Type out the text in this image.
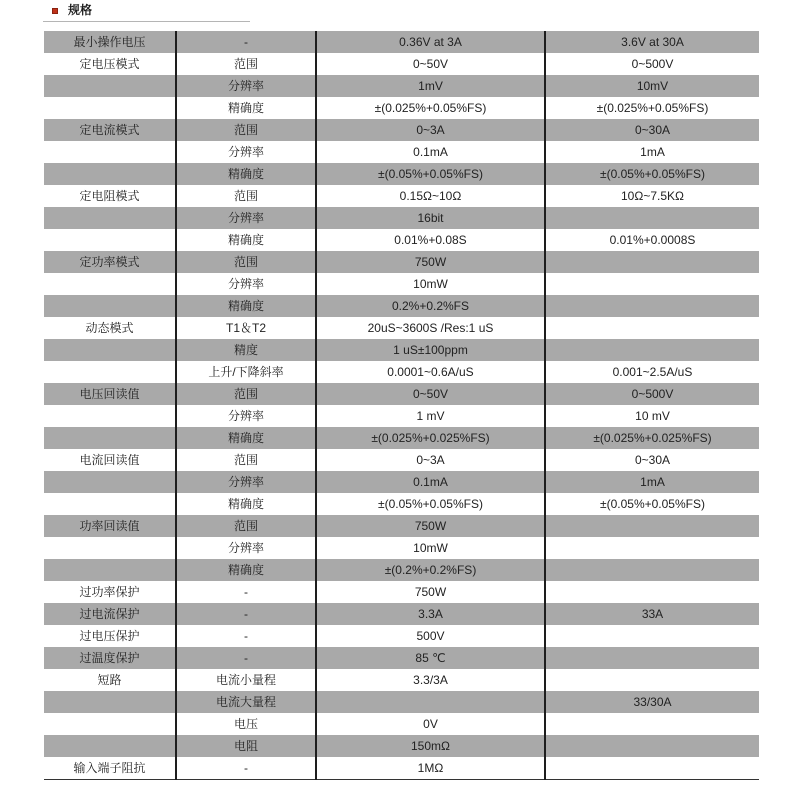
规格
最小操作电压	-	0.36V at 3A	3.6V at 30A
定电压模式	范围	0~50V	0~500V
	分辨率	1mV	10mV
	精确度	±(0.025%+0.05%FS)	±(0.025%+0.05%FS)
定电流模式	范围	0~3A	0~30A
	分辨率	0.1mA	1mA
	精确度	±(0.05%+0.05%FS)	±(0.05%+0.05%FS)
定电阻模式	范围	0.15Ω~10Ω	10Ω~7.5KΩ
	分辨率	16bit	
	精确度	0.01%+0.08S	0.01%+0.0008S
定功率模式	范围	750W	
	分辨率	10mW	
	精确度	0.2%+0.2%FS	
动态模式	T1＆T2	20uS~3600S /Res:1 uS	
	精度	1 uS±100ppm	
	上升/下降斜率	0.0001~0.6A/uS	0.001~2.5A/uS
电压回读值	范围	0~50V	0~500V
	分辨率	1 mV	10 mV
	精确度	±(0.025%+0.025%FS)	±(0.025%+0.025%FS)
电流回读值	范围	0~3A	0~30A
	分辨率	0.1mA	1mA
	精确度	±(0.05%+0.05%FS)	±(0.05%+0.05%FS)
功率回读值	范围	750W	
	分辨率	10mW	
	精确度	±(0.2%+0.2%FS)	
过功率保护	-	750W	
过电流保护	-	3.3A	33A
过电压保护	-	500V	
过温度保护	-	85 ℃	
短路	电流小量程	3.3/3A	
	电流大量程		33/30A
	电压	0V	
	电阻	150mΩ	
输入端子阻抗	-	1MΩ	
